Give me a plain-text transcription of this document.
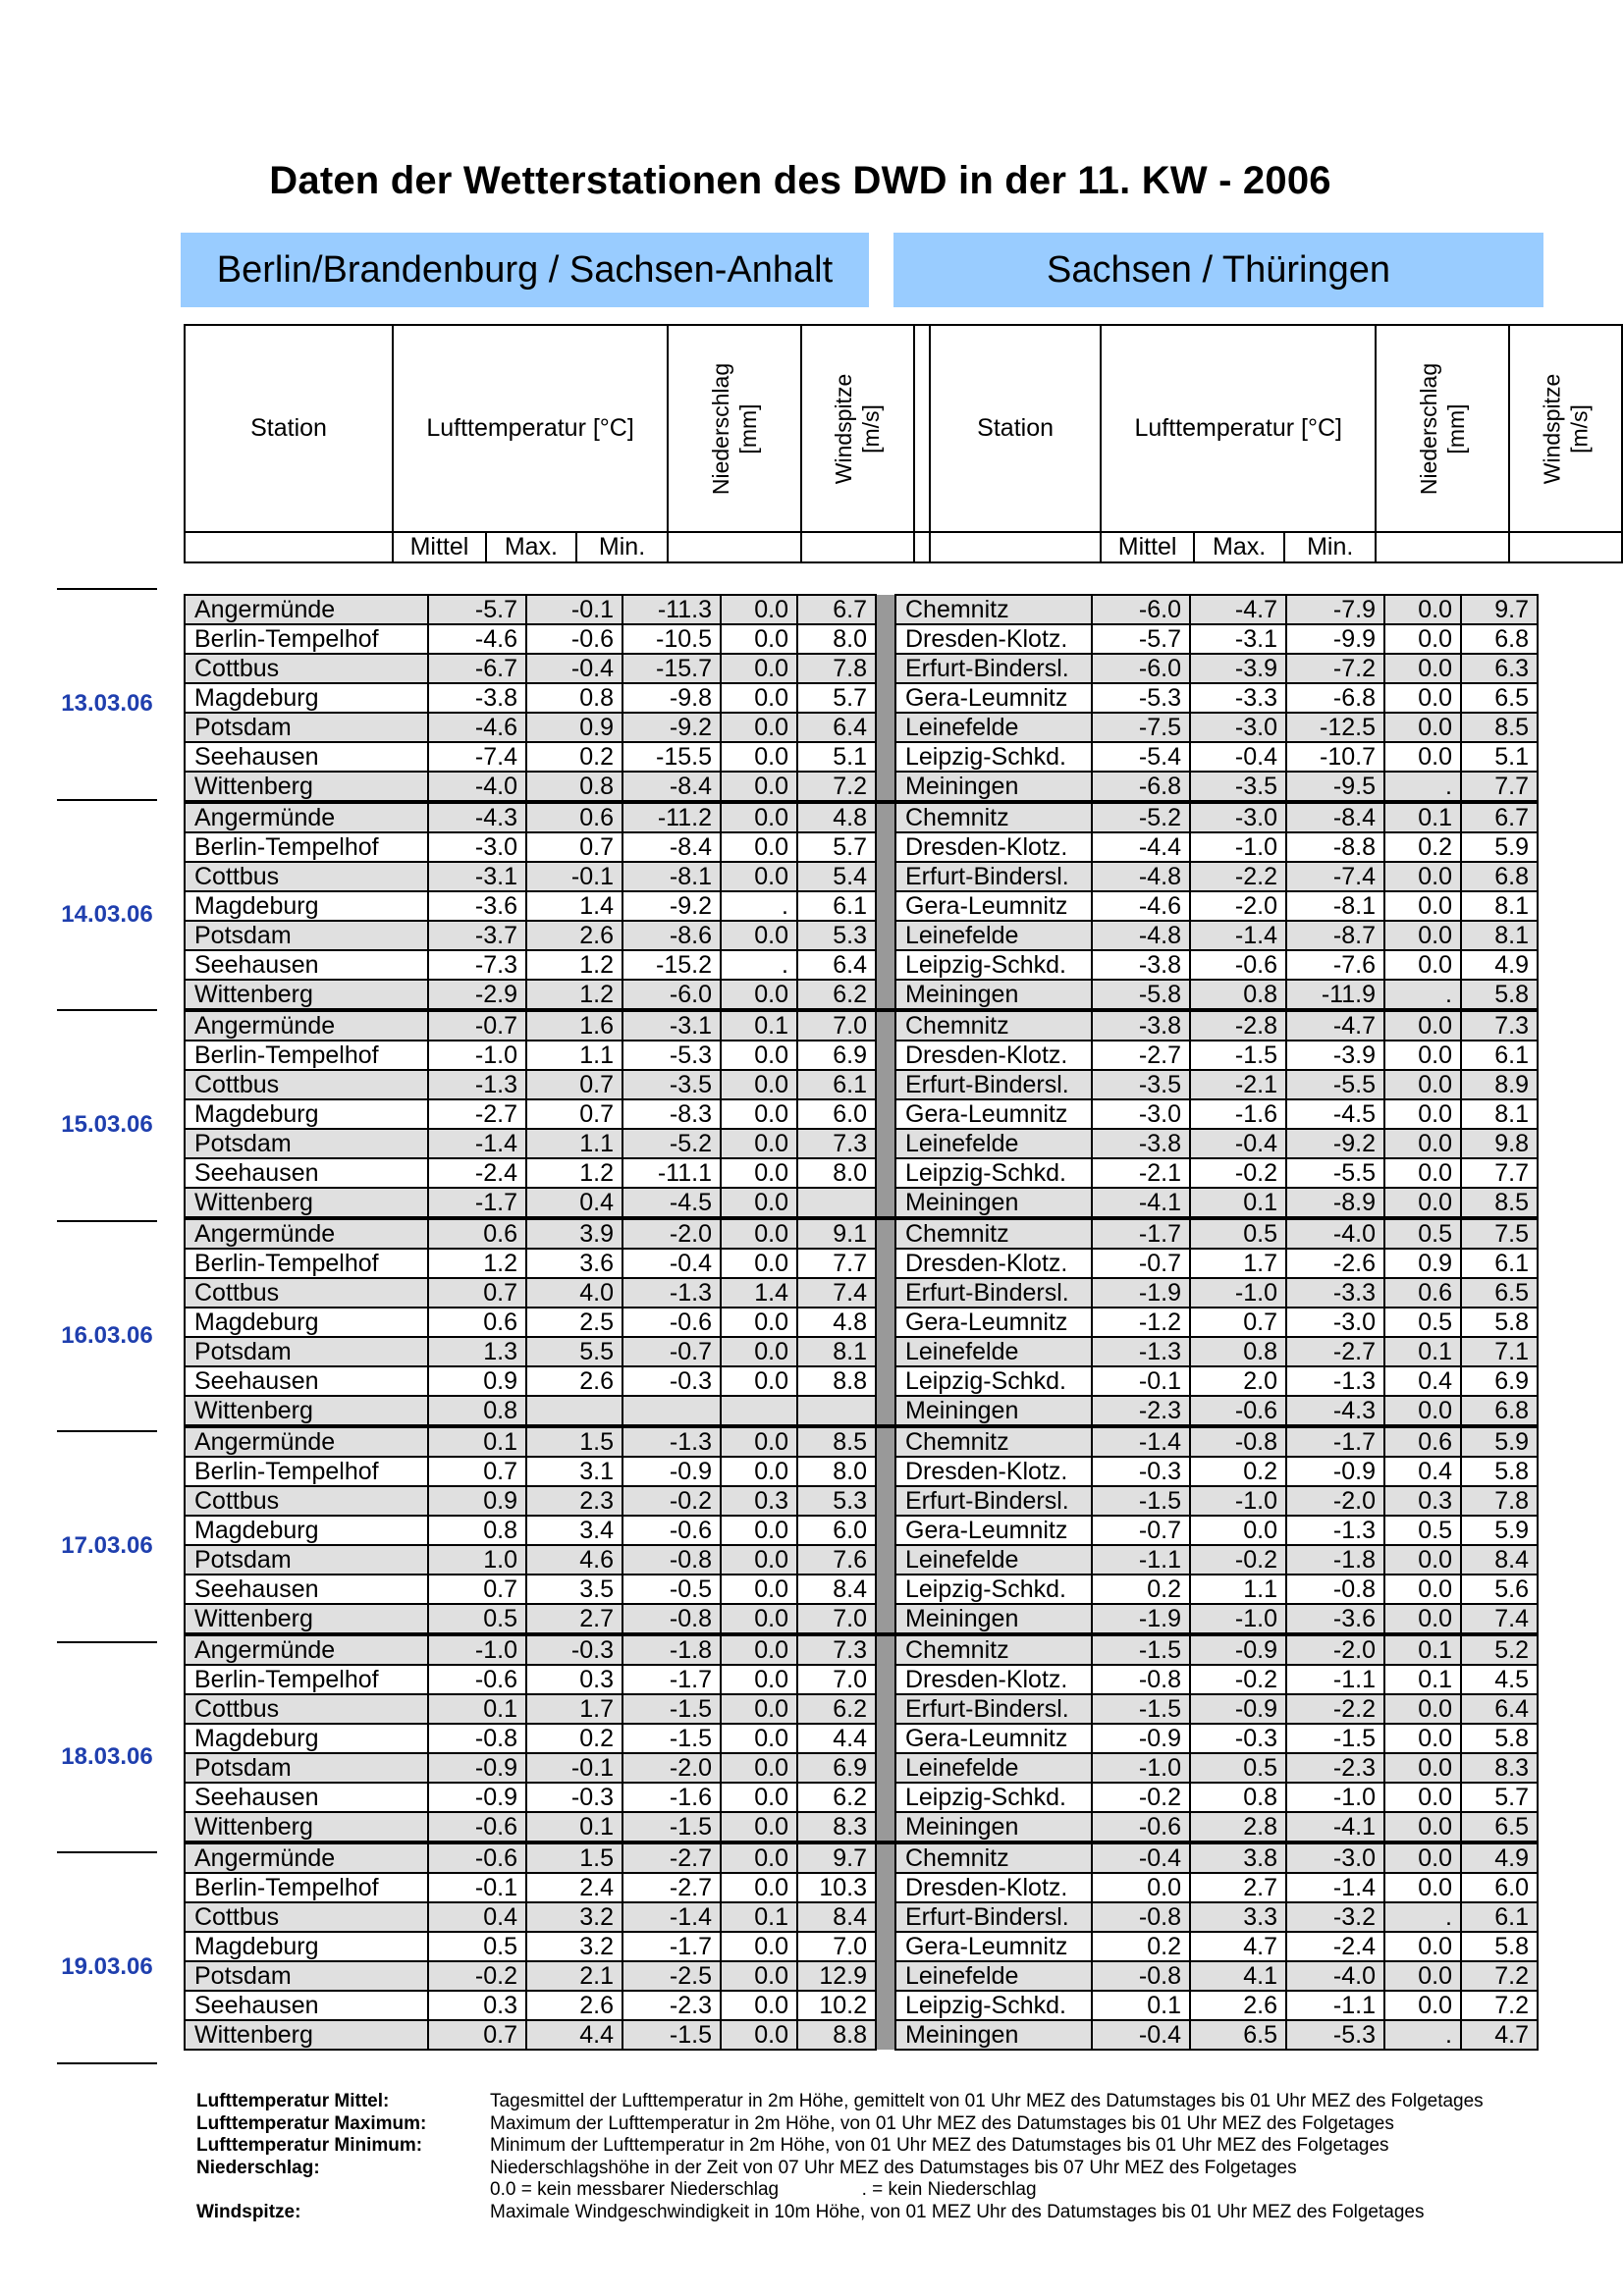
Daten der Wetterstationen des DWD in der 11. KW - 2006
Berlin/Brandenburg / Sachsen-Anhalt	Sachsen / Thüringen
Station	Lufttemperatur [°C]			Niederschlag
[mm]	Windspitze
[m/s]		Station	Lufttemperatur [°C]			Niederschlag
[mm]	Windspitze
[m/s]

	Mittel	Max.	Min.					Mittel	Max.	Min.		
Angermünde	-5.7	-0.1	-11.3	0.0	6.7		Chemnitz	-6.0	-4.7	-7.9	0.0	9.7
Berlin-Tempelhof	-4.6	-0.6	-10.5	0.0	8.0		Dresden-Klotz.	-5.7	-3.1	-9.9	0.0	6.8
Cottbus	-6.7	-0.4	-15.7	0.0	7.8		Erfurt-Bindersl.	-6.0	-3.9	-7.2	0.0	6.3
Magdeburg	-3.8	0.8	-9.8	0.0	5.7		Gera-Leumnitz	-5.3	-3.3	-6.8	0.0	6.5
Potsdam	-4.6	0.9	-9.2	0.0	6.4		Leinefelde	-7.5	-3.0	-12.5	0.0	8.5
Seehausen	-7.4	0.2	-15.5	0.0	5.1		Leipzig-Schkd.	-5.4	-0.4	-10.7	0.0	5.1
Wittenberg	-4.0	0.8	-8.4	0.0	7.2		Meiningen	-6.8	-3.5	-9.5	.	7.7
Angermünde	-4.3	0.6	-11.2	0.0	4.8		Chemnitz	-5.2	-3.0	-8.4	0.1	6.7
Berlin-Tempelhof	-3.0	0.7	-8.4	0.0	5.7		Dresden-Klotz.	-4.4	-1.0	-8.8	0.2	5.9
Cottbus	-3.1	-0.1	-8.1	0.0	5.4		Erfurt-Bindersl.	-4.8	-2.2	-7.4	0.0	6.8
Magdeburg	-3.6	1.4	-9.2	.	6.1		Gera-Leumnitz	-4.6	-2.0	-8.1	0.0	8.1
Potsdam	-3.7	2.6	-8.6	0.0	5.3		Leinefelde	-4.8	-1.4	-8.7	0.0	8.1
Seehausen	-7.3	1.2	-15.2	.	6.4		Leipzig-Schkd.	-3.8	-0.6	-7.6	0.0	4.9
Wittenberg	-2.9	1.2	-6.0	0.0	6.2		Meiningen	-5.8	0.8	-11.9	.	5.8
Angermünde	-0.7	1.6	-3.1	0.1	7.0		Chemnitz	-3.8	-2.8	-4.7	0.0	7.3
Berlin-Tempelhof	-1.0	1.1	-5.3	0.0	6.9		Dresden-Klotz.	-2.7	-1.5	-3.9	0.0	6.1
Cottbus	-1.3	0.7	-3.5	0.0	6.1		Erfurt-Bindersl.	-3.5	-2.1	-5.5	0.0	8.9
Magdeburg	-2.7	0.7	-8.3	0.0	6.0		Gera-Leumnitz	-3.0	-1.6	-4.5	0.0	8.1
Potsdam	-1.4	1.1	-5.2	0.0	7.3		Leinefelde	-3.8	-0.4	-9.2	0.0	9.8
Seehausen	-2.4	1.2	-11.1	0.0	8.0		Leipzig-Schkd.	-2.1	-0.2	-5.5	0.0	7.7
Wittenberg	-1.7	0.4	-4.5	0.0			Meiningen	-4.1	0.1	-8.9	0.0	8.5
Angermünde	0.6	3.9	-2.0	0.0	9.1		Chemnitz	-1.7	0.5	-4.0	0.5	7.5
Berlin-Tempelhof	1.2	3.6	-0.4	0.0	7.7		Dresden-Klotz.	-0.7	1.7	-2.6	0.9	6.1
Cottbus	0.7	4.0	-1.3	1.4	7.4		Erfurt-Bindersl.	-1.9	-1.0	-3.3	0.6	6.5
Magdeburg	0.6	2.5	-0.6	0.0	4.8		Gera-Leumnitz	-1.2	0.7	-3.0	0.5	5.8
Potsdam	1.3	5.5	-0.7	0.0	8.1		Leinefelde	-1.3	0.8	-2.7	0.1	7.1
Seehausen	0.9	2.6	-0.3	0.0	8.8		Leipzig-Schkd.	-0.1	2.0	-1.3	0.4	6.9
Wittenberg	0.8						Meiningen	-2.3	-0.6	-4.3	0.0	6.8
Angermünde	0.1	1.5	-1.3	0.0	8.5		Chemnitz	-1.4	-0.8	-1.7	0.6	5.9
Berlin-Tempelhof	0.7	3.1	-0.9	0.0	8.0		Dresden-Klotz.	-0.3	0.2	-0.9	0.4	5.8
Cottbus	0.9	2.3	-0.2	0.3	5.3		Erfurt-Bindersl.	-1.5	-1.0	-2.0	0.3	7.8
Magdeburg	0.8	3.4	-0.6	0.0	6.0		Gera-Leumnitz	-0.7	0.0	-1.3	0.5	5.9
Potsdam	1.0	4.6	-0.8	0.0	7.6		Leinefelde	-1.1	-0.2	-1.8	0.0	8.4
Seehausen	0.7	3.5	-0.5	0.0	8.4		Leipzig-Schkd.	0.2	1.1	-0.8	0.0	5.6
Wittenberg	0.5	2.7	-0.8	0.0	7.0		Meiningen	-1.9	-1.0	-3.6	0.0	7.4
Angermünde	-1.0	-0.3	-1.8	0.0	7.3		Chemnitz	-1.5	-0.9	-2.0	0.1	5.2
Berlin-Tempelhof	-0.6	0.3	-1.7	0.0	7.0		Dresden-Klotz.	-0.8	-0.2	-1.1	0.1	4.5
Cottbus	0.1	1.7	-1.5	0.0	6.2		Erfurt-Bindersl.	-1.5	-0.9	-2.2	0.0	6.4
Magdeburg	-0.8	0.2	-1.5	0.0	4.4		Gera-Leumnitz	-0.9	-0.3	-1.5	0.0	5.8
Potsdam	-0.9	-0.1	-2.0	0.0	6.9		Leinefelde	-1.0	0.5	-2.3	0.0	8.3
Seehausen	-0.9	-0.3	-1.6	0.0	6.2		Leipzig-Schkd.	-0.2	0.8	-1.0	0.0	5.7
Wittenberg	-0.6	0.1	-1.5	0.0	8.3		Meiningen	-0.6	2.8	-4.1	0.0	6.5
Angermünde	-0.6	1.5	-2.7	0.0	9.7		Chemnitz	-0.4	3.8	-3.0	0.0	4.9
Berlin-Tempelhof	-0.1	2.4	-2.7	0.0	10.3		Dresden-Klotz.	0.0	2.7	-1.4	0.0	6.0
Cottbus	0.4	3.2	-1.4	0.1	8.4		Erfurt-Bindersl.	-0.8	3.3	-3.2	.	6.1
Magdeburg	0.5	3.2	-1.7	0.0	7.0		Gera-Leumnitz	0.2	4.7	-2.4	0.0	5.8
Potsdam	-0.2	2.1	-2.5	0.0	12.9		Leinefelde	-0.8	4.1	-4.0	0.0	7.2
Seehausen	0.3	2.6	-2.3	0.0	10.2		Leipzig-Schkd.	0.1	2.6	-1.1	0.0	7.2
Wittenberg	0.7	4.4	-1.5	0.0	8.8		Meiningen	-0.4	6.5	-5.3	.	4.7
13.03.06
14.03.06
15.03.06
16.03.06
17.03.06
18.03.06
19.03.06
Lufttemperatur Mittel:	Tagesmittel der Lufttemperatur in 2m Höhe, gemittelt von 01 Uhr MEZ des Datumstages bis 01 Uhr MEZ des Folgetages
Lufttemperatur Maximum:	Maximum der Lufttemperatur in 2m Höhe, von 01 Uhr MEZ des Datumstages bis 01 Uhr MEZ des Folgetages
Lufttemperatur Minimum:	Minimum der Lufttemperatur in 2m Höhe, von 01 Uhr MEZ des Datumstages bis 01 Uhr MEZ des Folgetages
Niederschlag:	Niederschlagshöhe in der Zeit von 07 Uhr MEZ des Datumstages bis 07 Uhr MEZ des Folgetages
0.0 = kein messbarer Niederschlag                . = kein Niederschlag
Windspitze:	Maximale Windgeschwindigkeit in 10m Höhe, von 01 MEZ Uhr des Datumstages bis 01 Uhr MEZ des Folgetages
